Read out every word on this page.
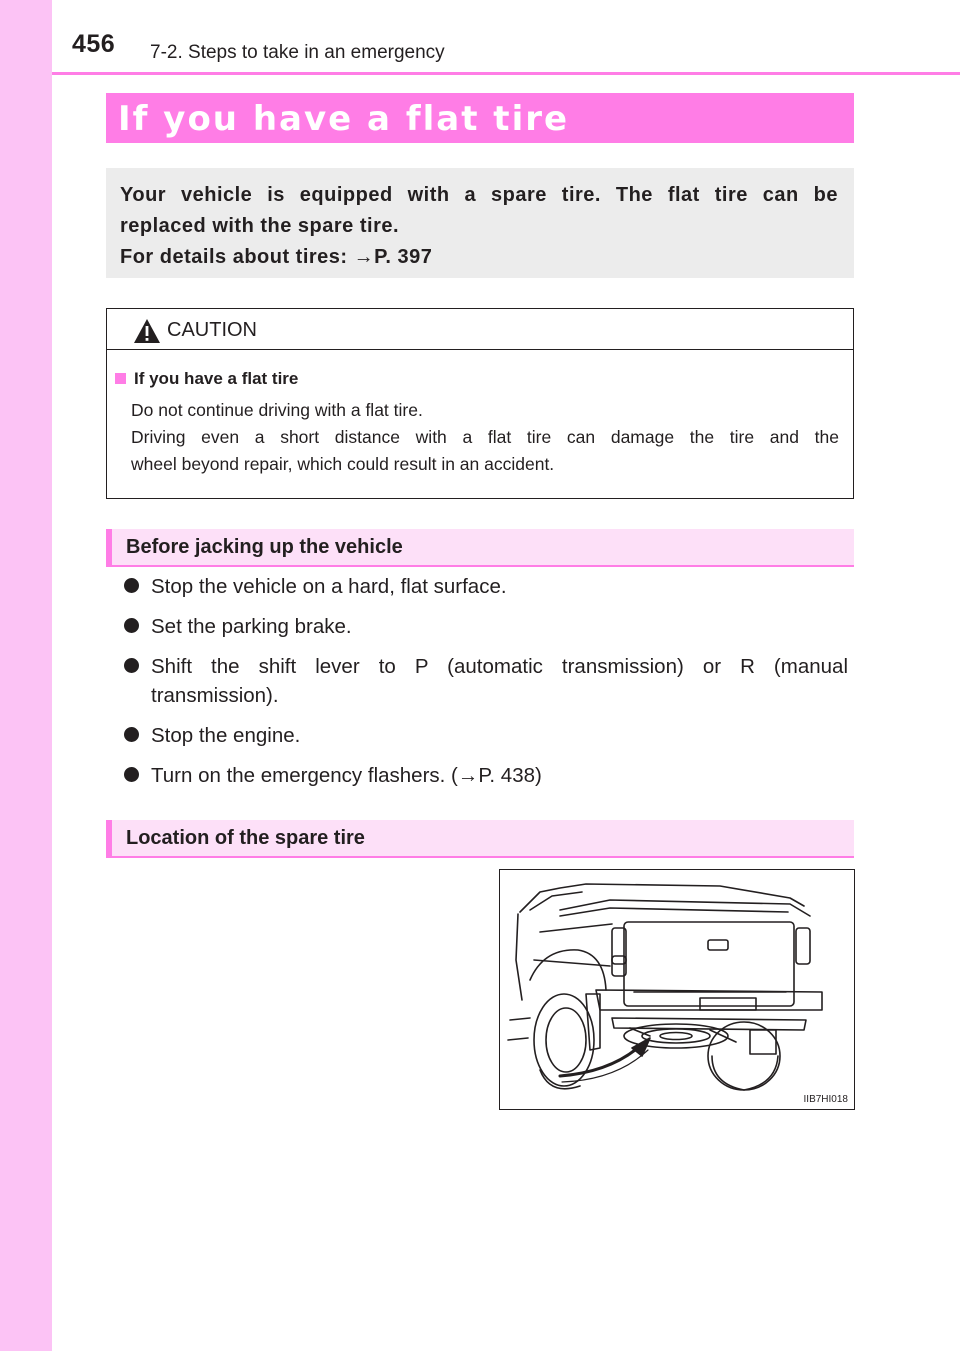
456 7-2. Steps to take in an emergency
If you have a flat tire
Your vehicle is equipped with a spare tire. The flat tire can be
replaced with the spare tire.
For details about tires: →P. 397
CAUTION
If you have a flat tire
Do not continue driving with a flat tire.
Driving even a short distance with a flat tire can damage the tire and the
wheel beyond repair, which could result in an accident.
Before jacking up the vehicle
Stop the vehicle on a hard, flat surface.
Set the parking brake.
Shift the shift lever to P (automatic transmission) or R (manual
transmission).
Stop the engine.
Turn on the emergency flashers. (→P. 438)
Location of the spare tire
IIB7HI018
